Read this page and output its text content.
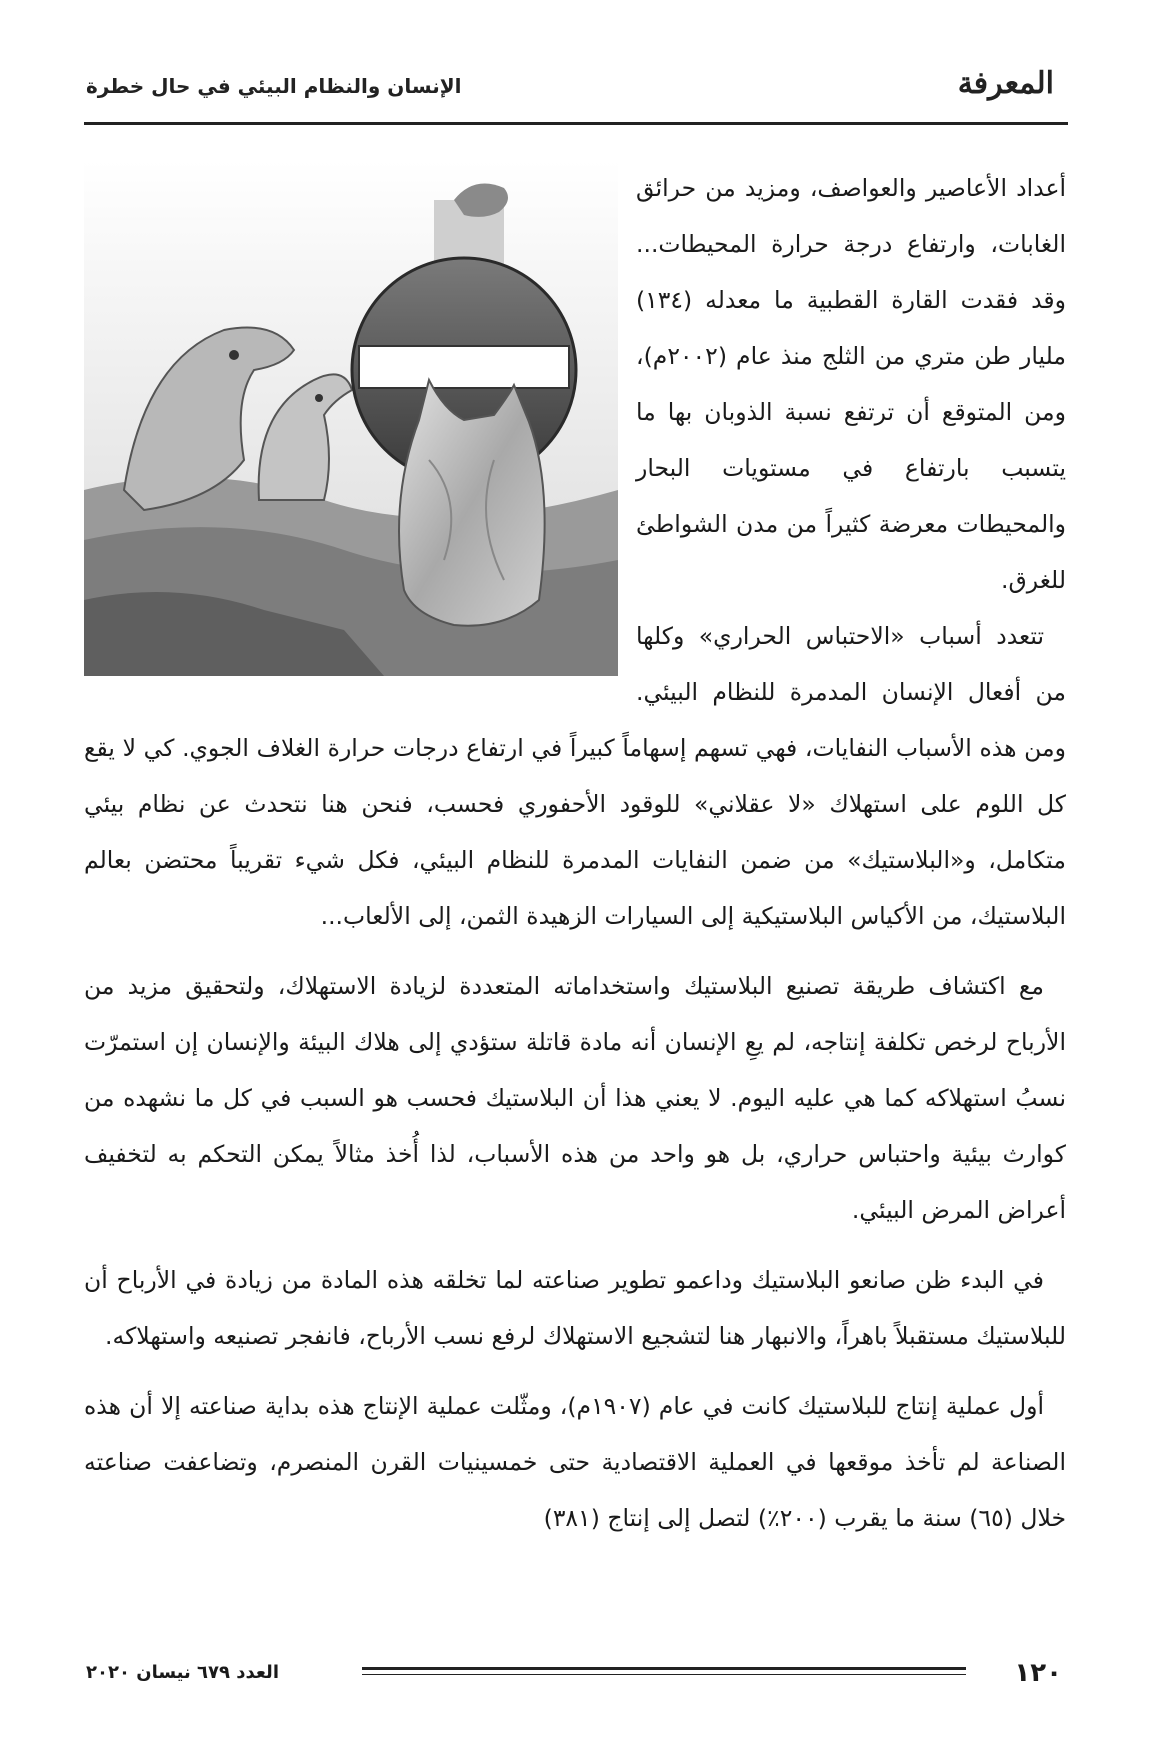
المعرفة
الإنسان والنظام البيئي في حال خطرة

أعداد الأعاصير والعواصف، ومزيد من حرائق الغابات، وارتفاع درجة حرارة المحيطات... وقد فقدت القارة القطبية ما معدله (١٣٤) مليار طن متري من الثلج منذ عام (٢٠٠٢م)، ومن المتوقع أن ترتفع نسبة الذوبان بها ما يتسبب بارتفاع في مستويات البحار والمحيطات معرضة كثيراً من مدن الشواطئ للغرق.

تتعدد أسباب «الاحتباس الحراري» وكلها من أفعال الإنسان المدمرة للنظام البيئي. ومن هذه الأسباب النفايات، فهي تسهم إسهاماً كبيراً في ارتفاع درجات حرارة الغلاف الجوي. كي لا يقع كل اللوم على استهلاك «لا عقلاني» للوقود الأحفوري فحسب، فنحن هنا نتحدث عن نظام بيئي متكامل، و«البلاستيك» من ضمن النفايات المدمرة للنظام البيئي، فكل شيء تقريباً محتضن بعالم البلاستيك، من الأكياس البلاستيكية إلى السيارات الزهيدة الثمن، إلى الألعاب...

مع اكتشاف طريقة تصنيع البلاستيك واستخداماته المتعددة لزيادة الاستهلاك، ولتحقيق مزيد من الأرباح لرخص تكلفة إنتاجه، لم يعِ الإنسان أنه مادة قاتلة ستؤدي إلى هلاك البيئة والإنسان إن استمرّت نسبُ استهلاكه كما هي عليه اليوم. لا يعني هذا أن البلاستيك فحسب هو السبب في كل ما نشهده من كوارث بيئية واحتباس حراري، بل هو واحد من هذه الأسباب، لذا أُخذ مثالاً يمكن التحكم به لتخفيف أعراض المرض البيئي.

في البدء ظن صانعو البلاستيك وداعمو تطوير صناعته لما تخلقه هذه المادة من زيادة في الأرباح أن للبلاستيك مستقبلاً باهراً، والانبهار هنا لتشجيع الاستهلاك لرفع نسب الأرباح، فانفجر تصنيعه واستهلاكه.

أول عملية إنتاج للبلاستيك كانت في عام (١٩٠٧م)، ومثّلت عملية الإنتاج هذه بداية صناعته إلا أن هذه الصناعة لم تأخذ موقعها في العملية الاقتصادية حتى خمسينيات القرن المنصرم، وتضاعفت صناعته خلال (٦٥) سنة ما يقرب (٢٠٠٪) لتصل إلى إنتاج (٣٨١)

١٢٠
العدد ٦٧٩ نيسان ٢٠٢٠
